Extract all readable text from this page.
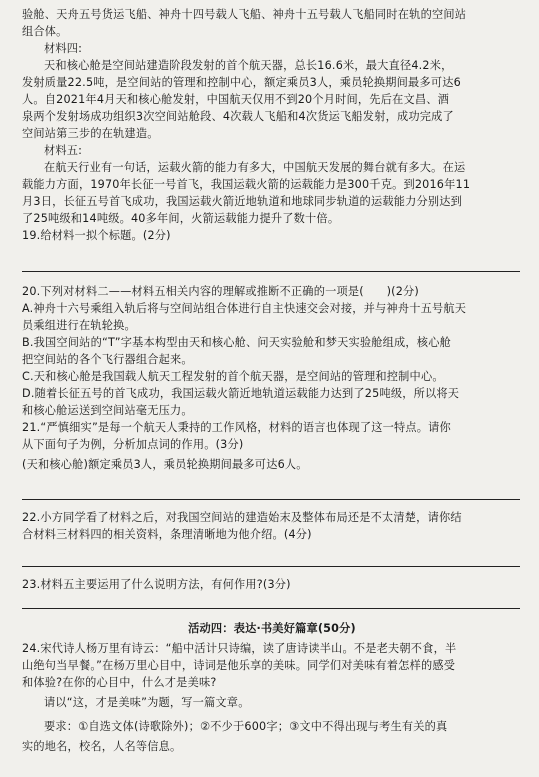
验舱、天舟五号货运飞船、神舟十四号载人飞船、神舟十五号载人飞船同时在轨的空间站

组合体。

材料四:

天和核心舱是空间站建造阶段发射的首个航天器，总长16.6米，最大直径4.2米，

发射质量22.5吨，是空间站的管理和控制中心，额定乘员3人，乘员轮换期间最多可达6

人。自2021年4月天和核心舱发射，中国航天仅用不到20个月时间，先后在文昌、酒

泉两个发射场成功组织3次空间站舱段、4次载人飞船和4次货运飞船发射，成功完成了

空间站第三步的在轨建造。

材料五:

在航天行业有一句话，运载火箭的能力有多大，中国航天发展的舞台就有多大。在运

载能力方面，1970年长征一号首飞，我国运载火箭的运载能力是300千克。到2016年11

月3日，长征五号首飞成功，我国运载火箭近地轨道和地球同步轨道的运载能力分别达到

了25吨级和14吨级。40多年间，火箭运载能力提升了数十倍。

19.给材料一拟个标题。(2分)

20.下列对材料二——材料五相关内容的理解或推断不正确的一项是(　　)(2分)

A.神舟十六号乘组入轨后将与空间站组合体进行自主快速交会对接，并与神舟十五号航天

员乘组进行在轨轮换。

B.我国空间站的“T”字基本构型由天和核心舱、问天实验舱和梦天实验舱组成，核心舱

把空间站的各个飞行器组合起来。

C.天和核心舱是我国载人航天工程发射的首个航天器，是空间站的管理和控制中心。

D.随着长征五号的首飞成功，我国运载火箭近地轨道运载能力达到了25吨级，所以将天

和核心舱运送到空间站毫无压力。

21.“严慎细实”是每一个航天人秉持的工作风格，材料的语言也体现了这一特点。请你

从下面句子为例，分析加点词的作用。(3分)

(天和核心舱)额定乘员3人，乘员轮换期间最多可达6人。

22.小方同学看了材料之后，对我国空间站的建造始末及整体布局还是不太清楚，请你结

合材料三材料四的相关资料，条理清晰地为他介绍。(4分)

23.材料五主要运用了什么说明方法，有何作用?(3分)

活动四：表达·书美好篇章(50分)

24.宋代诗人杨万里有诗云：“船中活计只诗编，读了唐诗读半山。不是老夫朝不食，半

山绝句当早餐。”在杨万里心目中，诗词是他乐享的美味。同学们对美味有着怎样的感受

和体验?在你的心目中，什么才是美味?

请以“这，才是美味”为题，写一篇文章。

要求：①自选文体(诗歌除外)；②不少于600字；③文中不得出现与考生有关的真

实的地名，校名，人名等信息。
